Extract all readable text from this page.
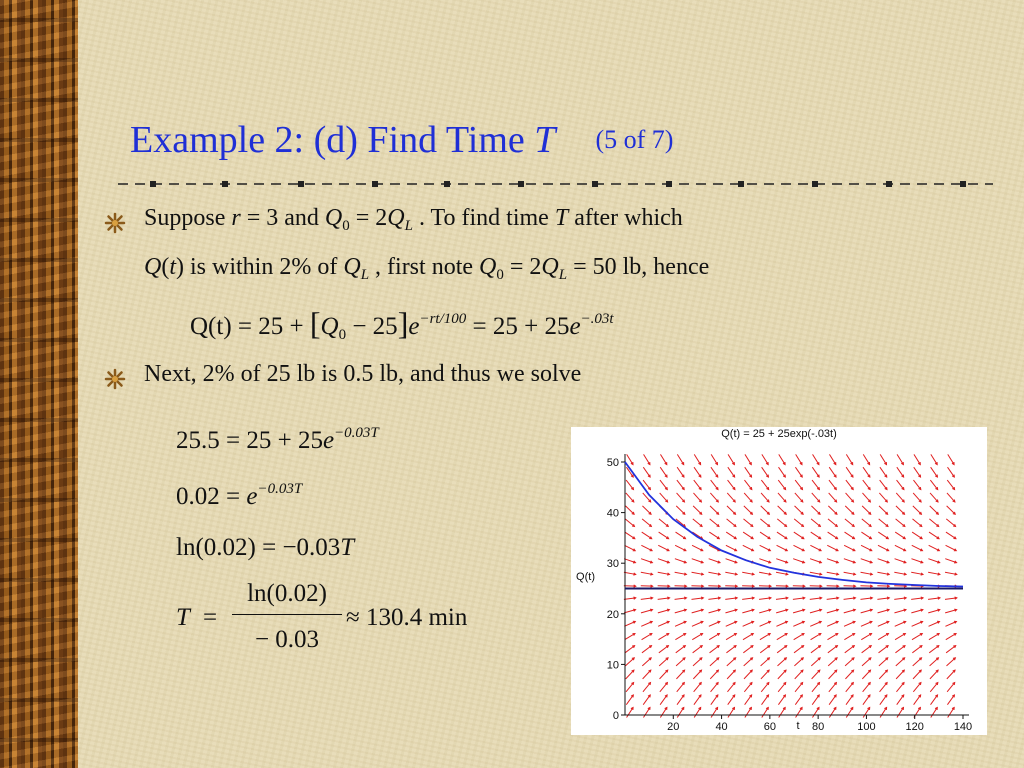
Example 2: (d) Find Time T (5 of 7)
Suppose r = 3 and $Q_0 = 2Q_L$ . To find time T after which
Q(t) is within 2% of $Q_L$ , first note $Q_0 = 2Q_L = 50$ lb, hence
$Q(t) = 25 + [Q_0 - 25]e^{-rt/100} = 25 + 25e^{-.03t}$
Next, 2% of 25 lb is 0.5 lb, and thus we solve
$25.5 = 25 + 25e^{-0.03T}$
$0.02 = e^{-0.03T}$
ln(0.02) = −0.03T
T =
ln(0.02)
− 0.03
≈ 130.4 min
Q(t) = 25 + 25exp(-.03t)
0
10
20
30
40
50
20	40	60	80	100	120	140
Q(t)
t
